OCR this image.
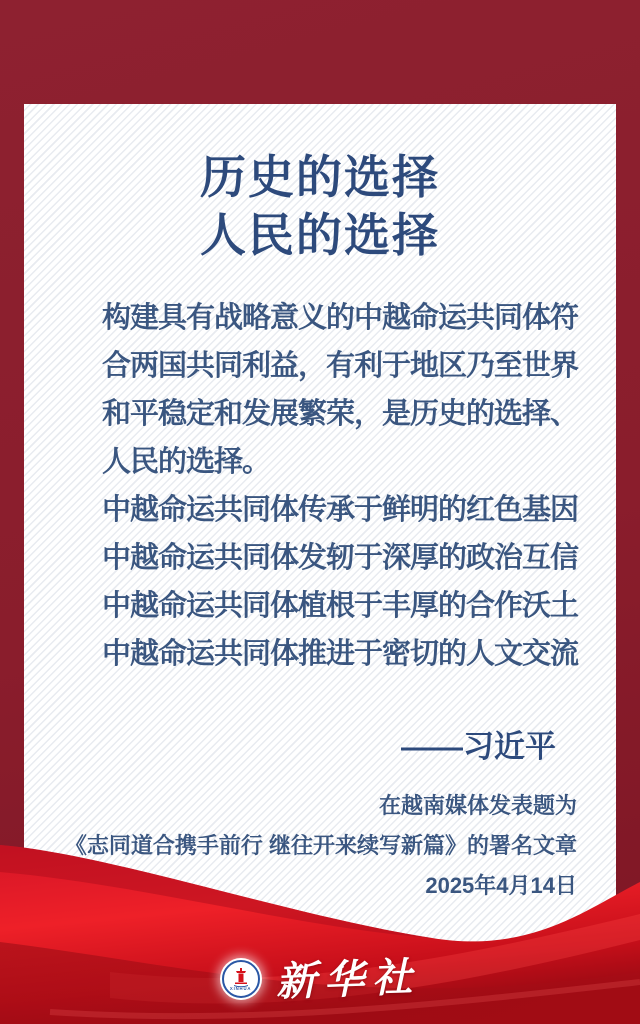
历史的选择
人民的选择
构建具有战略意义的中越命运共同体符
合两国共同利益，有利于地区乃至世界
和平稳定和发展繁荣，是历史的选择、
人民的选择。
中越命运共同体传承于鲜明的红色基因
中越命运共同体发轫于深厚的政治互信
中越命运共同体植根于丰厚的合作沃土
中越命运共同体推进于密切的人文交流
——习近平
在越南媒体发表题为
《志同道合携手前行 继往开来续写新篇》的署名文章
2025年4月14日
XINHUA 新华社
